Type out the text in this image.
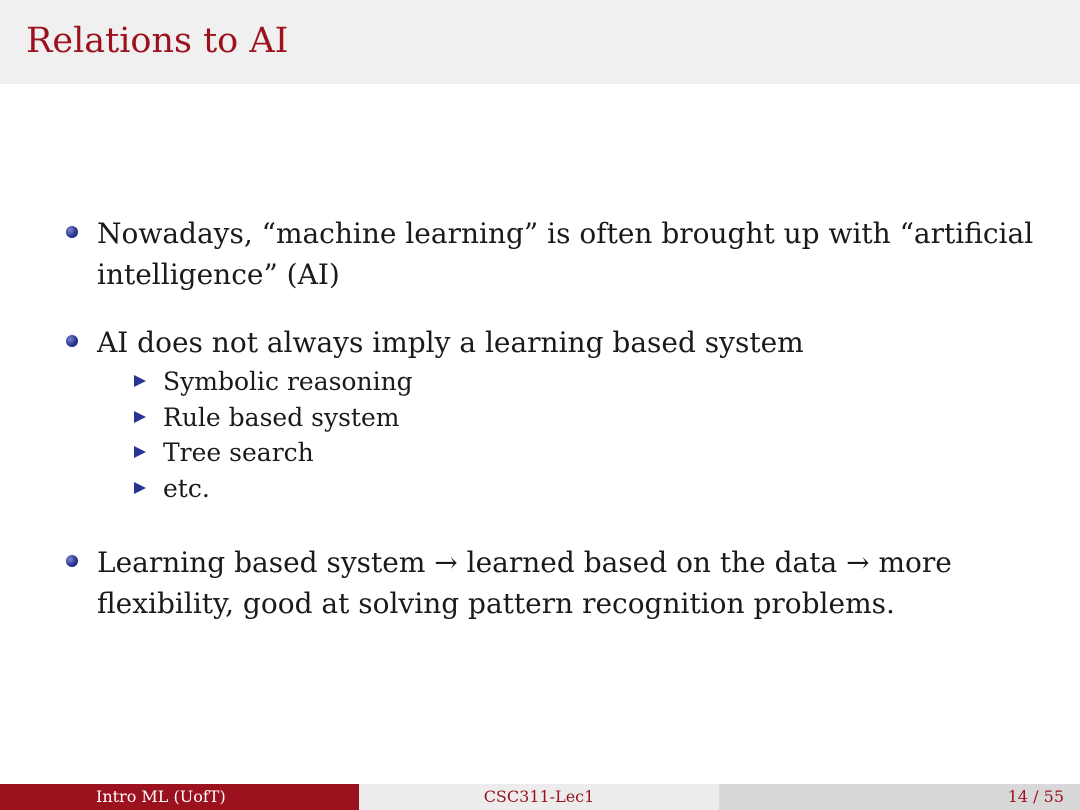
Relations to AI

Nowadays, “machine learning” is often brought up with “artificial intelligence” (AI)

AI does not always imply a learning based system

Symbolic reasoning
Rule based system
Tree search
etc.

Learning based system → learned based on the data → more flexibility, good at solving pattern recognition problems.

Intro ML (UofT)	CSC311-Lec1	14 / 55
